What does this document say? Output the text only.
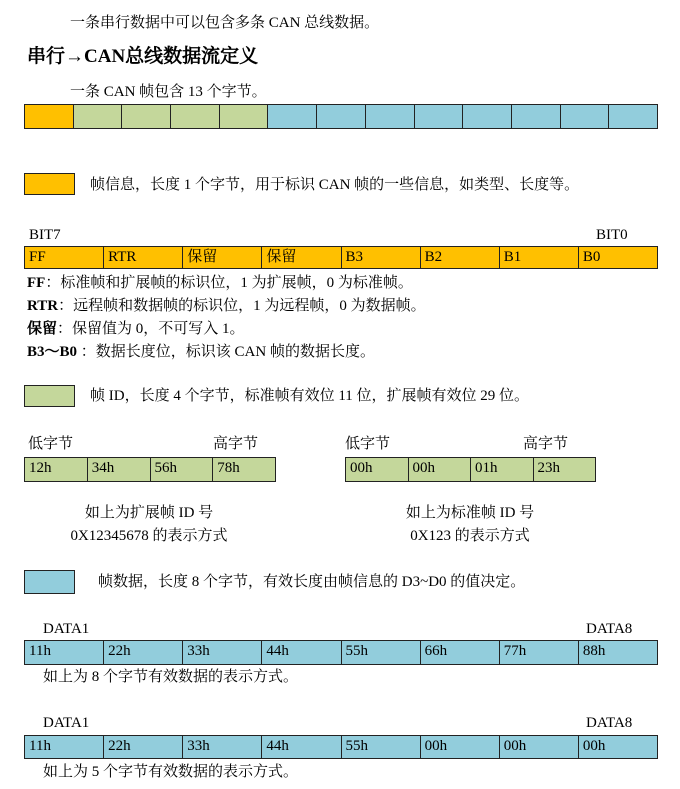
一条串行数据中可以包含多条 CAN 总线数据。
串行→CAN总线数据流定义
一条 CAN 帧包含 13 个字节。
帧信息，长度 1 个字节，用于标识 CAN 帧的一些信息，如类型、长度等。
BIT7	BIT0
FF	RTR	保留	保留	B3	B2	B1	B0
FF：标准帧和扩展帧的标识位，1 为扩展帧，0 为标准帧。
RTR：远程帧和数据帧的标识位，1 为远程帧，0 为数据帧。
保留：保留值为 0，不可写入 1。
B3～B0 ：数据长度位，标识该 CAN 帧的数据长度。
帧 ID，长度 4 个字节，标准帧有效位 11 位，扩展帧有效位 29 位。
低字节	高字节
12h	34h	56h	78h
如上为扩展帧 ID 号
0X12345678 的表示方式
低字节	高字节
00h	00h	01h	23h
如上为标准帧 ID 号
0X123 的表示方式
帧数据，长度 8 个字节，有效长度由帧信息的 D3~D0 的值决定。
DATA1	DATA8
11h	22h	33h	44h	55h	66h	77h	88h
如上为 8 个字节有效数据的表示方式。
DATA1	DATA8
11h	22h	33h	44h	55h	00h	00h	00h
如上为 5 个字节有效数据的表示方式。
